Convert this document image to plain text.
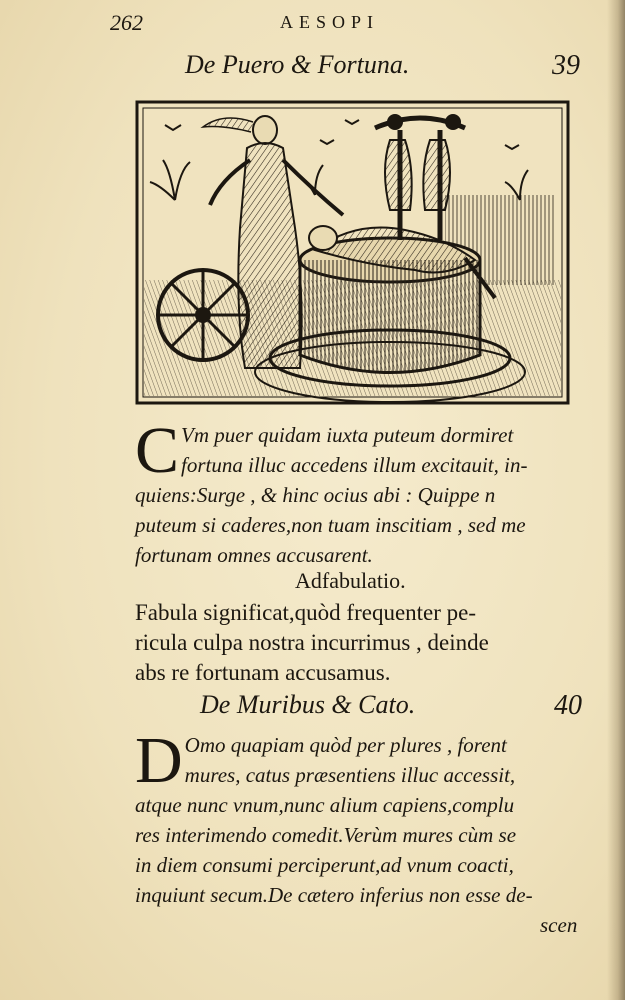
262	AESOPI
De Puero & Fortuna.	39
C Vm puer quidam iuxta puteum dormiret
fortuna illuc accedens illum excitauit, in-
quiens:Surge , & hinc ocius abi : Quippe n
puteum si caderes,non tuam inscitiam , sed me
fortunam omnes accusarent.
Adfabulatio.
Fabula significat,quòd frequenter pe-
ricula culpa nostra incurrimus , deinde
abs re fortunam accusamus.
De Muribus & Cato.	40
D Omo quapiam quòd per plures , forent
mures, catus præsentiens illuc accessit,
atque nunc vnum,nunc alium capiens,complu
res interimendo comedit.Verùm mures cùm se
in diem consumi perciperunt,ad vnum coacti,
inquiunt secum.De cætero inferius non esse de-
scen
